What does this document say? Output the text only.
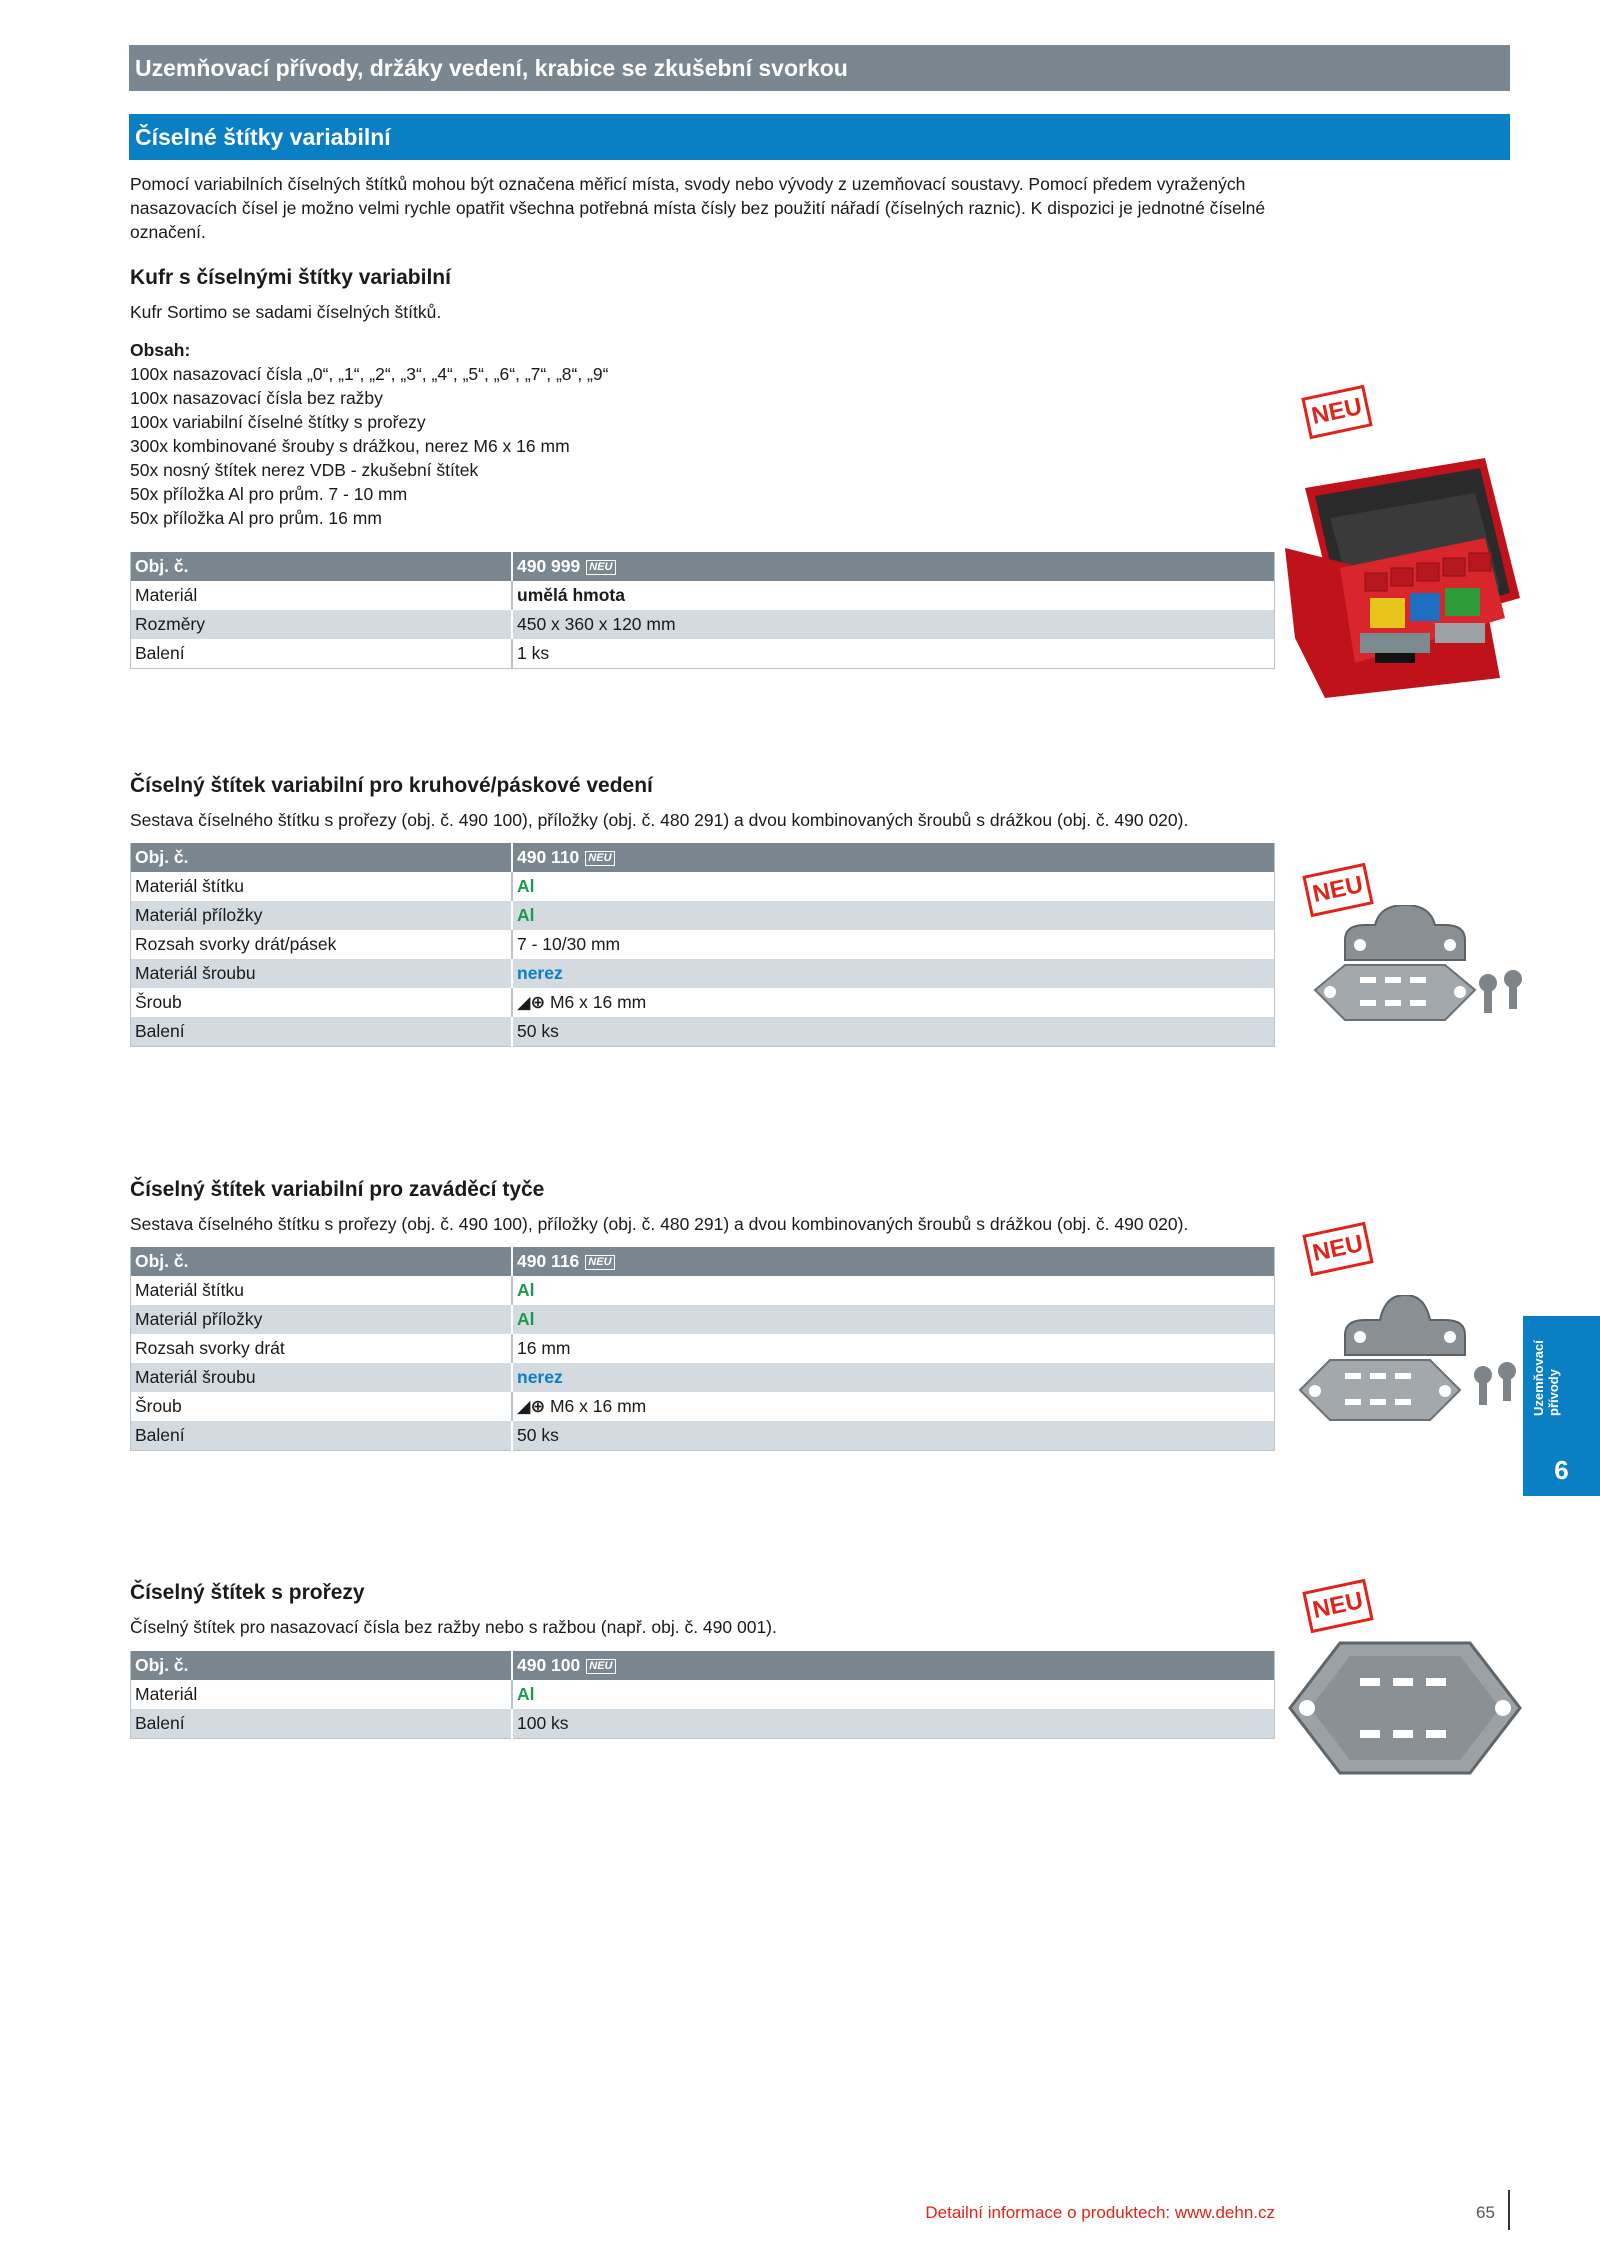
Uzemňovací přívody, držáky vedení, krabice se zkušební svorkou
Číselné štítky variabilní

Pomocí variabilních číselných štítků mohou být označena měřicí místa, svody nebo vývody z uzemňovací soustavy. Pomocí předem vyražených nasazovacích čísel je možno velmi rychle opatřit všechna potřebná místa čísly bez použití nářadí (číselných raznic). K dispozici je jednotné číselné označení.

Kufr s číselnými štítky variabilní
Kufr Sortimo se sadami číselných štítků.
Obsah:
100x nasazovací čísla „0“, „1“, „2“, „3“, „4“, „5“, „6“, „7“, „8“, „9“
100x nasazovací čísla bez ražby
100x variabilní číselné štítky s prořezy
300x kombinované šrouby s drážkou, nerez M6 x 16 mm
50x nosný štítek nerez VDB - zkušební štítek
50x příložka Al pro prům. 7 - 10 mm
50x příložka Al pro prům. 16 mm
Obj. č.	490 999 NEU
Materiál	umělá hmota
Rozměry	450 x 360 x 120 mm
Balení	1 ks
NEU
Číselný štítek variabilní pro kruhové/páskové vedení
Sestava číselného štítku s prořezy (obj. č. 490 100), příložky (obj. č. 480 291) a dvou kombinovaných šroubů s drážkou (obj. č. 490 020).
Obj. č.	490 110 NEU
Materiál štítku	Al
Materiál příložky	Al
Rozsah svorky drát/pásek	7 - 10/30 mm
Materiál šroubu	nerez
Šroub	◢⊕ M6 x 16 mm
Balení	50 ks
NEU
Číselný štítek variabilní pro zaváděcí tyče
Sestava číselného štítku s prořezy (obj. č. 490 100), příložky (obj. č. 480 291) a dvou kombinovaných šroubů s drážkou (obj. č. 490 020).
Obj. č.	490 116 NEU
Materiál štítku	Al
Materiál příložky	Al
Rozsah svorky drát	16 mm
Materiál šroubu	nerez
Šroub	◢⊕ M6 x 16 mm
Balení	50 ks
NEU
Číselný štítek s prořezy
Číselný štítek pro nasazovací čísla bez ražby nebo s ražbou (např. obj. č. 490 001).
Obj. č.	490 100 NEU
Materiál	Al
Balení	100 ks
NEU
Uzemňovací
přívody
6
Detailní informace o produktech: www.dehn.cz	65
